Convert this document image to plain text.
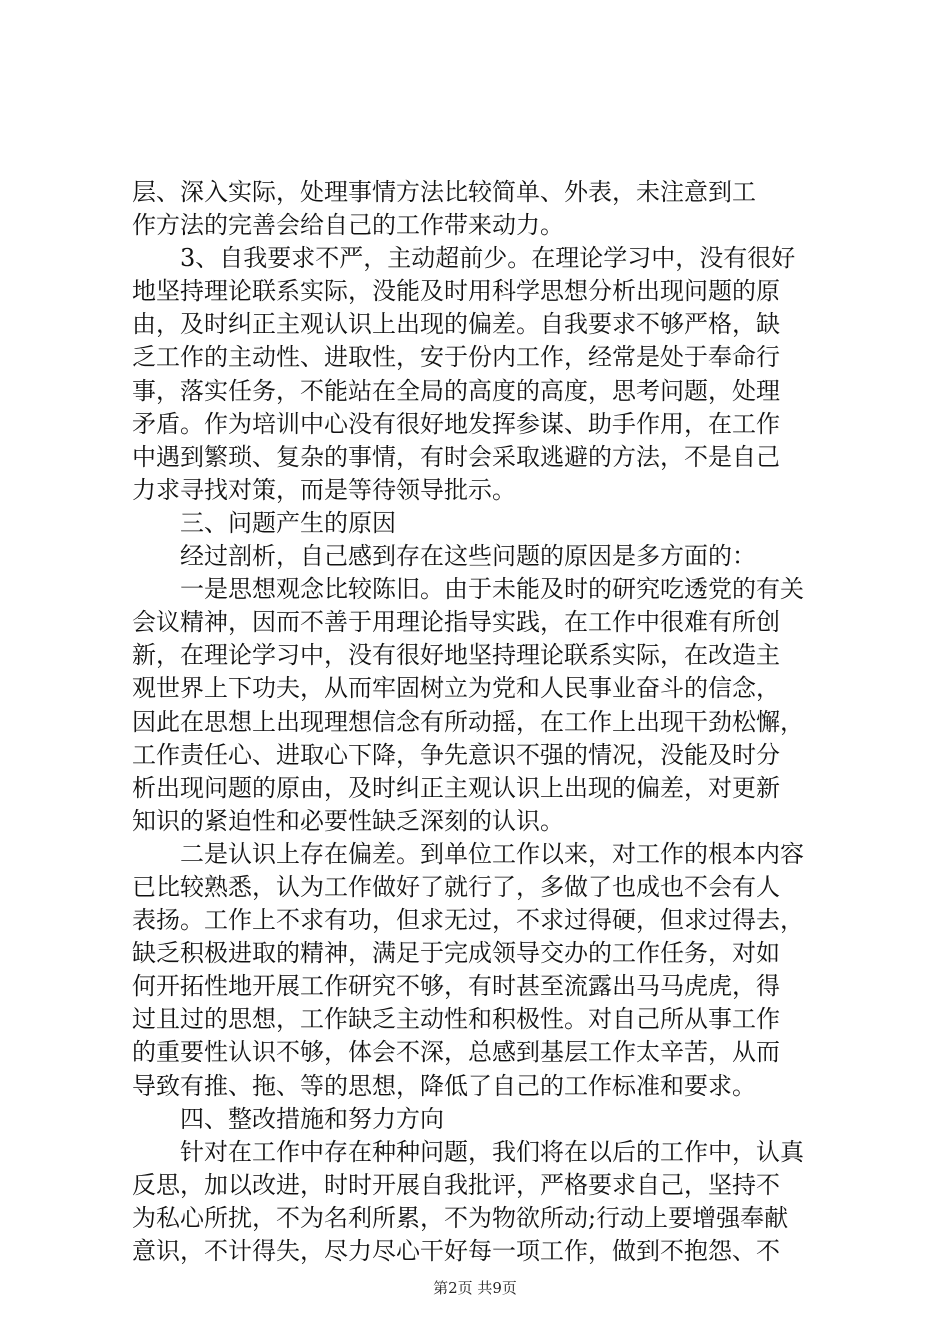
层、深入实际，处理事情方法比较简单、外表，未注意到工
作方法的完善会给自己的工作带来动力。
3、自我要求不严，主动超前少。在理论学习中，没有很好
地坚持理论联系实际，没能及时用科学思想分析出现问题的原
由，及时纠正主观认识上出现的偏差。自我要求不够严格，缺
乏工作的主动性、进取性，安于份内工作，经常是处于奉命行
事，落实任务，不能站在全局的高度的高度，思考问题，处理
矛盾。作为培训中心没有很好地发挥参谋、助手作用，在工作
中遇到繁琐、复杂的事情，有时会采取逃避的方法，不是自己
力求寻找对策，而是等待领导批示。
三、问题产生的原因
经过剖析，自己感到存在这些问题的原因是多方面的：
一是思想观念比较陈旧。由于未能及时的研究吃透党的有关
会议精神，因而不善于用理论指导实践，在工作中很难有所创
新，在理论学习中，没有很好地坚持理论联系实际，在改造主
观世界上下功夫，从而牢固树立为党和人民事业奋斗的信念，
因此在思想上出现理想信念有所动摇，在工作上出现干劲松懈，
工作责任心、进取心下降，争先意识不强的情况，没能及时分
析出现问题的原由，及时纠正主观认识上出现的偏差，对更新
知识的紧迫性和必要性缺乏深刻的认识。
二是认识上存在偏差。到单位工作以来，对工作的根本内容
已比较熟悉，认为工作做好了就行了，多做了也成也不会有人
表扬。工作上不求有功，但求无过，不求过得硬，但求过得去，
缺乏积极进取的精神，满足于完成领导交办的工作任务，对如
何开拓性地开展工作研究不够，有时甚至流露出马马虎虎，得
过且过的思想，工作缺乏主动性和积极性。对自己所从事工作
的重要性认识不够，体会不深，总感到基层工作太辛苦，从而
导致有推、拖、等的思想，降低了自己的工作标准和要求。
四、整改措施和努力方向
针对在工作中存在种种问题，我们将在以后的工作中，认真
反思，加以改进，时时开展自我批评，严格要求自己，坚持不
为私心所扰，不为名利所累，不为物欲所动;行动上要增强奉献
意识，不计得失，尽力尽心干好每一项工作，做到不抱怨、不
第2页 共9页
